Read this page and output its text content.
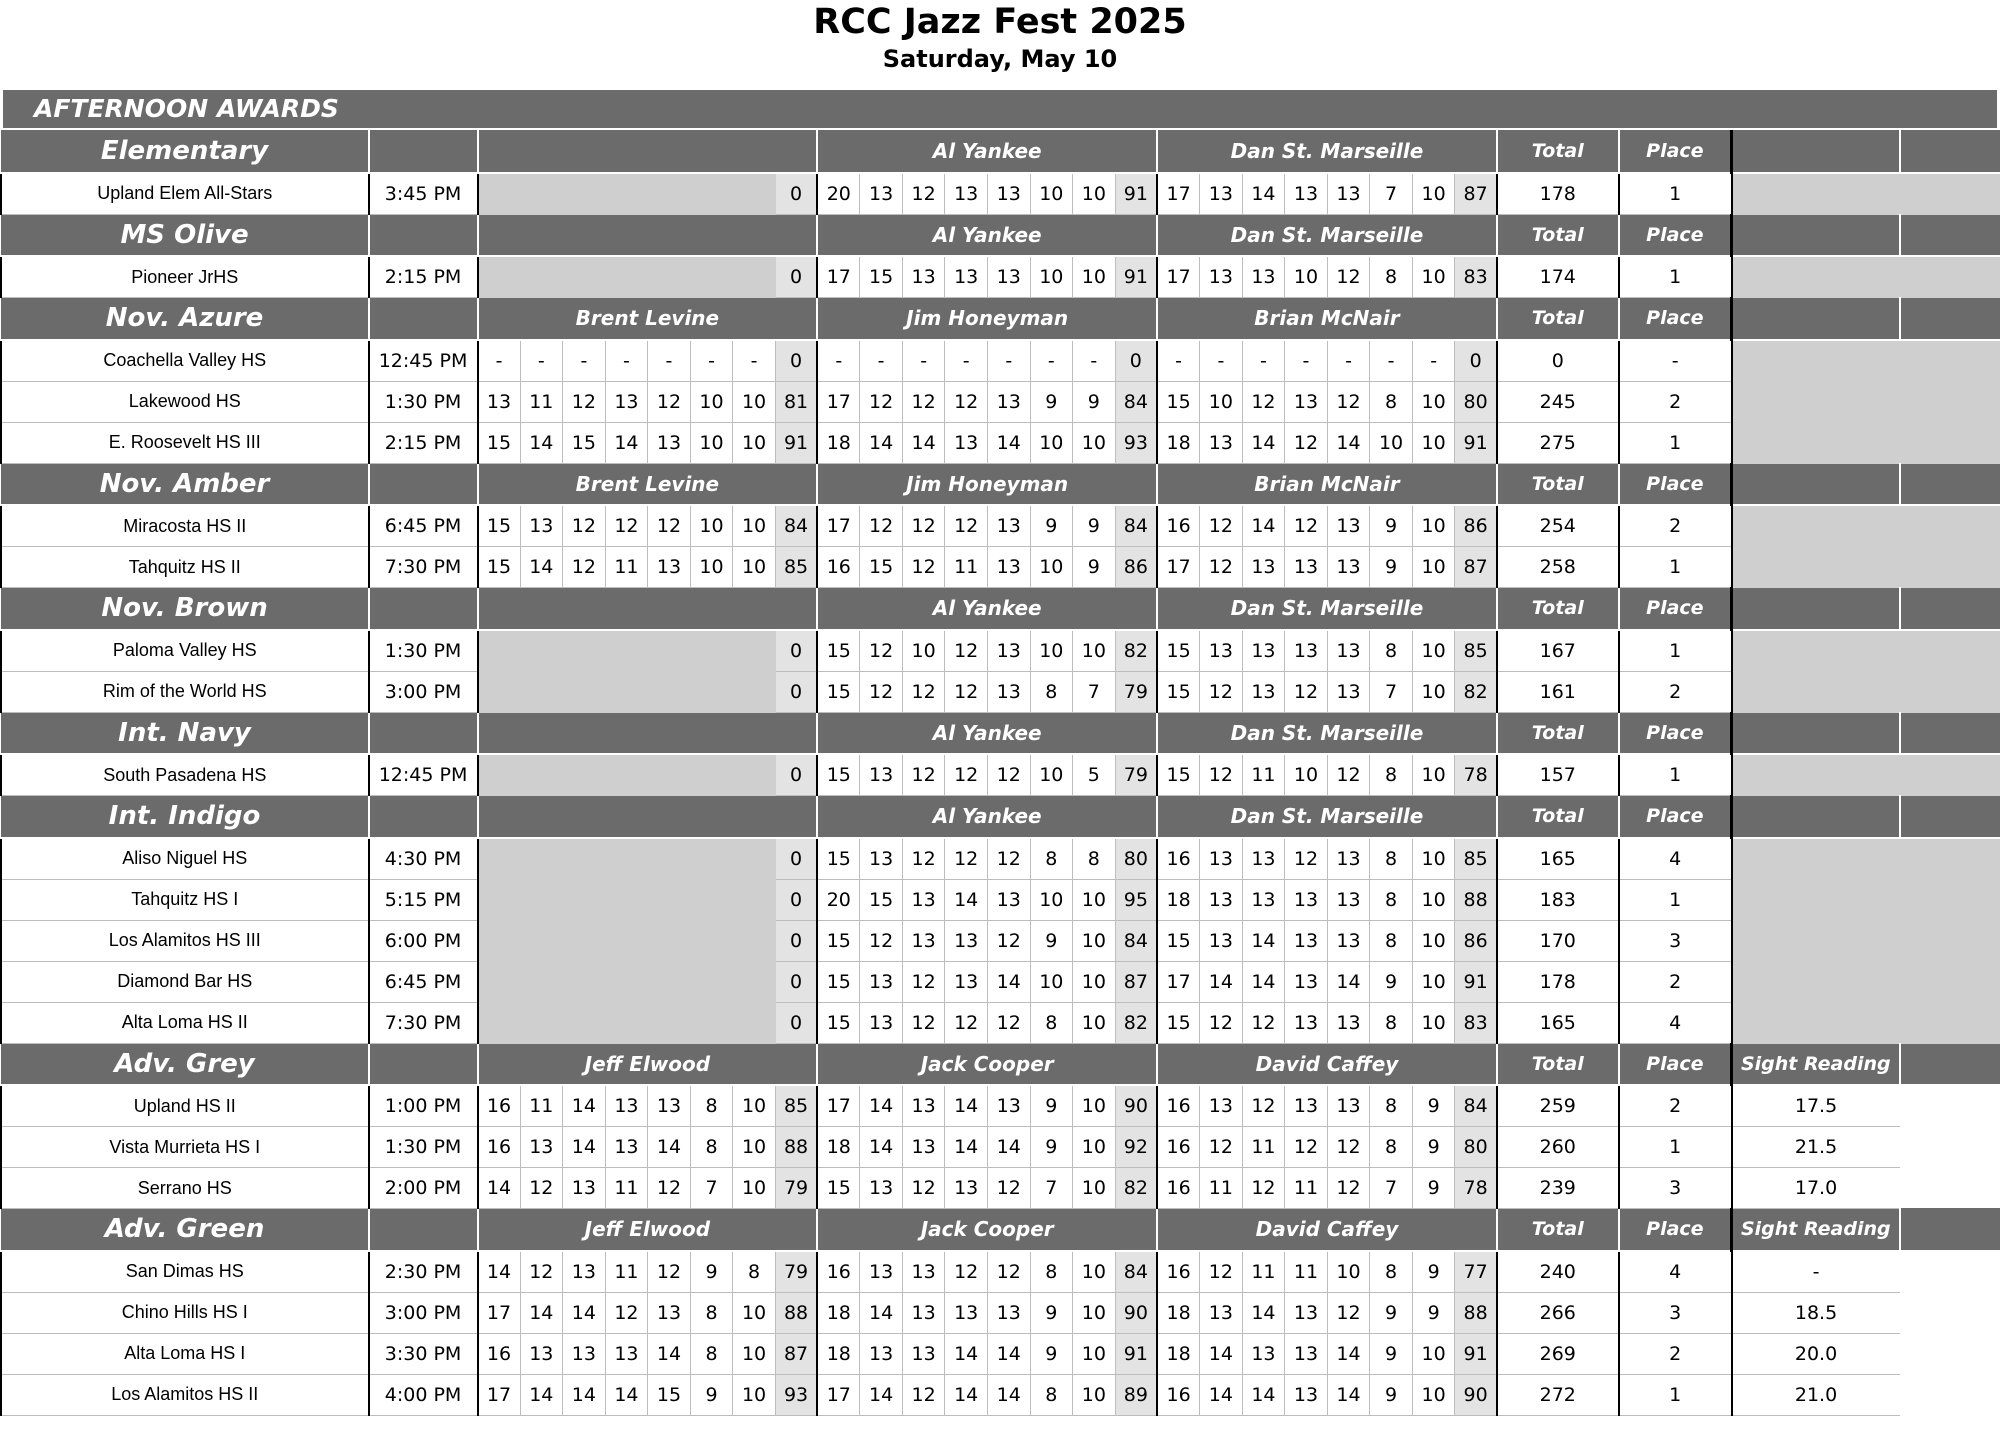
RCC Jazz Fest 2025
Saturday, May 10
AFTERNOON AWARDS
Elementary										Al Yankee								Dan St. Marseille								Total	Place		
Upland Elem All-Stars	3:45 PM								0	20	13	12	13	13	10	10	91	17	13	14	13	13	7	10	87	178	1		
MS Olive										Al Yankee								Dan St. Marseille								Total	Place		
Pioneer JrHS	2:15 PM								0	17	15	13	13	13	10	10	91	17	13	13	10	12	8	10	83	174	1		
Nov. Azure		Brent Levine								Jim Honeyman								Brian McNair								Total	Place		
Coachella Valley HS	12:45 PM	-	-	-	-	-	-	-	0	-	-	-	-	-	-	-	0	-	-	-	-	-	-	-	0	0	-		
Lakewood HS	1:30 PM	13	11	12	13	12	10	10	81	17	12	12	12	13	9	9	84	15	10	12	13	12	8	10	80	245	2		
E. Roosevelt HS III	2:15 PM	15	14	15	14	13	10	10	91	18	14	14	13	14	10	10	93	18	13	14	12	14	10	10	91	275	1		
Nov. Amber		Brent Levine								Jim Honeyman								Brian McNair								Total	Place		
Miracosta HS II	6:45 PM	15	13	12	12	12	10	10	84	17	12	12	12	13	9	9	84	16	12	14	12	13	9	10	86	254	2		
Tahquitz HS II	7:30 PM	15	14	12	11	13	10	10	85	16	15	12	11	13	10	9	86	17	12	13	13	13	9	10	87	258	1		
Nov. Brown										Al Yankee								Dan St. Marseille								Total	Place		
Paloma Valley HS	1:30 PM								0	15	12	10	12	13	10	10	82	15	13	13	13	13	8	10	85	167	1		
Rim of the World HS	3:00 PM								0	15	12	12	12	13	8	7	79	15	12	13	12	13	7	10	82	161	2		
Int. Navy										Al Yankee								Dan St. Marseille								Total	Place		
South Pasadena HS	12:45 PM								0	15	13	12	12	12	10	5	79	15	12	11	10	12	8	10	78	157	1		
Int. Indigo										Al Yankee								Dan St. Marseille								Total	Place		
Aliso Niguel HS	4:30 PM								0	15	13	12	12	12	8	8	80	16	13	13	12	13	8	10	85	165	4		
Tahquitz HS I	5:15 PM								0	20	15	13	14	13	10	10	95	18	13	13	13	13	8	10	88	183	1		
Los Alamitos HS III	6:00 PM								0	15	12	13	13	12	9	10	84	15	13	14	13	13	8	10	86	170	3		
Diamond Bar HS	6:45 PM								0	15	13	12	13	14	10	10	87	17	14	14	13	14	9	10	91	178	2		
Alta Loma HS II	7:30 PM								0	15	13	12	12	12	8	10	82	15	12	12	13	13	8	10	83	165	4		
Adv. Grey		Jeff Elwood								Jack Cooper								David Caffey								Total	Place	Sight Reading	
Upland HS II	1:00 PM	16	11	14	13	13	8	10	85	17	14	13	14	13	9	10	90	16	13	12	13	13	8	9	84	259	2	17.5	
Vista Murrieta HS I	1:30 PM	16	13	14	13	14	8	10	88	18	14	13	14	14	9	10	92	16	12	11	12	12	8	9	80	260	1	21.5	
Serrano HS	2:00 PM	14	12	13	11	12	7	10	79	15	13	12	13	12	7	10	82	16	11	12	11	12	7	9	78	239	3	17.0	
Adv. Green		Jeff Elwood								Jack Cooper								David Caffey								Total	Place	Sight Reading	
San Dimas HS	2:30 PM	14	12	13	11	12	9	8	79	16	13	13	12	12	8	10	84	16	12	11	11	10	8	9	77	240	4	-	
Chino Hills HS I	3:00 PM	17	14	14	12	13	8	10	88	18	14	13	13	13	9	10	90	18	13	14	13	12	9	9	88	266	3	18.5	
Alta Loma HS I	3:30 PM	16	13	13	13	14	8	10	87	18	13	13	14	14	9	10	91	18	14	13	13	14	9	10	91	269	2	20.0	
Los Alamitos HS II	4:00 PM	17	14	14	14	15	9	10	93	17	14	12	14	14	8	10	89	16	14	14	13	14	9	10	90	272	1	21.0	
